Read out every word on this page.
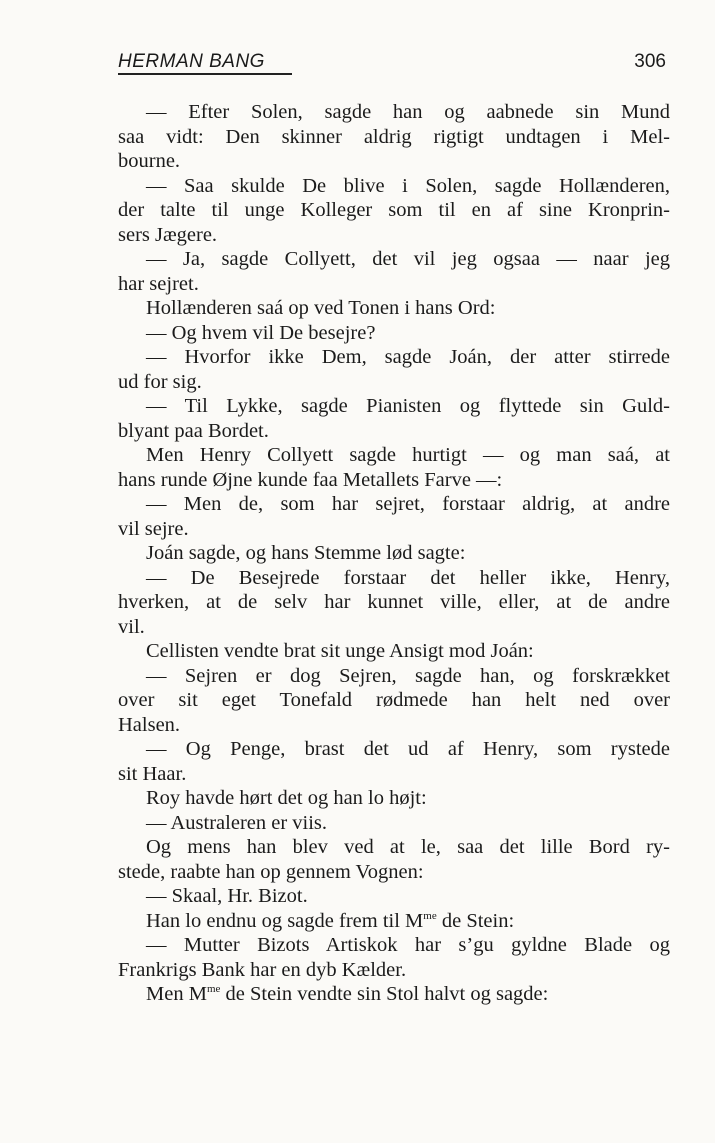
HERMAN BANG	306
— Efter Solen, sagde han og aabnede sin Mund
saa vidt: Den skinner aldrig rigtigt undtagen i Mel-
bourne.
— Saa skulde De blive i Solen, sagde Hollænderen,
der talte til unge Kolleger som til en af sine Kronprin-
sers Jægere.
— Ja, sagde Collyett, det vil jeg ogsaa — naar jeg
har sejret.
Hollænderen saá op ved Tonen i hans Ord:
— Og hvem vil De besejre?
— Hvorfor ikke Dem, sagde Joán, der atter stirrede
ud for sig.
— Til Lykke, sagde Pianisten og flyttede sin Guld-
blyant paa Bordet.
Men Henry Collyett sagde hurtigt — og man saá, at
hans runde Øjne kunde faa Metallets Farve —:
— Men de, som har sejret, forstaar aldrig, at andre
vil sejre.
Joán sagde, og hans Stemme lød sagte:
— De Besejrede forstaar det heller ikke, Henry,
hverken, at de selv har kunnet ville, eller, at de andre
vil.
Cellisten vendte brat sit unge Ansigt mod Joán:
— Sejren er dog Sejren, sagde han, og forskrækket
over sit eget Tonefald rødmede han helt ned over
Halsen.
— Og Penge, brast det ud af Henry, som rystede
sit Haar.
Roy havde hørt det og han lo højt:
— Australeren er viis.
Og mens han blev ved at le, saa det lille Bord ry-
stede, raabte han op gennem Vognen:
— Skaal, Hr. Bizot.
Han lo endnu og sagde frem til $M^{me}$ de Stein:
— Mutter Bizots Artiskok har s’gu gyldne Blade og
Frankrigs Bank har en dyb Kælder.
Men $M^{me}$ de Stein vendte sin Stol halvt og sagde:
